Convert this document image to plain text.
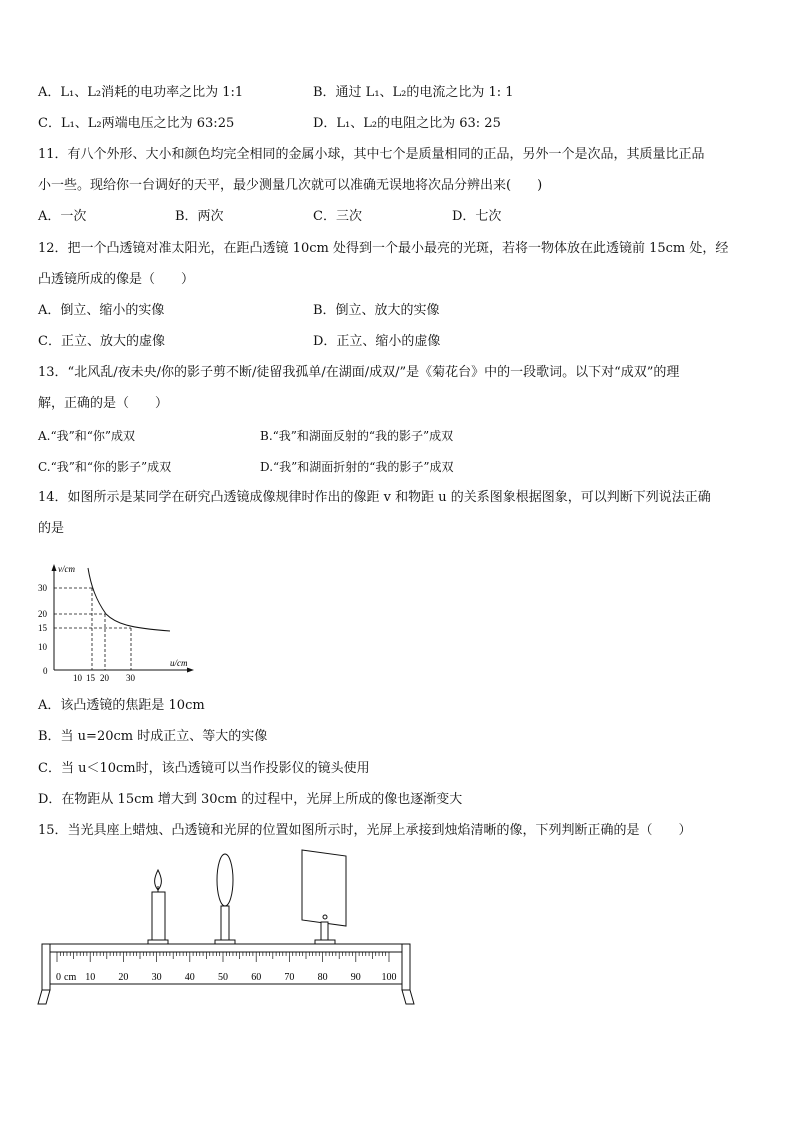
A．L₁、L₂消耗的电功率之比为 1:1	B．通过 L₁、L₂的电流之比为 1: 1
C．L₁、L₂两端电压之比为 63:25	D．L₁、L₂的电阻之比为 63: 25
11．有八个外形、大小和颜色均完全相同的金属小球，其中七个是质量相同的正品，另外一个是次品，其质量比正品
小一些。现给你一台调好的天平，最少测量几次就可以准确无误地将次品分辨出来(　　)
A．一次	B．两次	C．三次	D．七次
12．把一个凸透镜对准太阳光，在距凸透镜 10cm 处得到一个最小最亮的光斑，若将一物体放在此透镜前 15cm 处，经
凸透镜所成的像是（　　）
A．倒立、缩小的实像	B．倒立、放大的实像
C．正立、放大的虚像	D．正立、缩小的虚像
13．“北风乱/夜未央/你的影子剪不断/徒留我孤单/在湖面/成双/”是《菊花台》中的一段歌词。以下对“成双”的理
解，正确的是（　　）
A.“我”和“你”成双	B.“我”和湖面反射的“我的影子”成双
C.“我”和“你的影子”成双	D.“我”和湖面折射的“我的影子”成双
14．如图所示是某同学在研究凸透镜成像规律时作出的像距 v 和物距 u 的关系图象根据图象，可以判断下列说法正确
的是
v/cm
u/cm
30
20
15
10
0
10 15 20 30
A．该凸透镜的焦距是 10cm
B．当 u=20cm 时成正立、等大的实像
C．当 u＜10cm时，该凸透镜可以当作投影仪的镜头使用
D．在物距从 15cm 增大到 30cm 的过程中，光屏上所成的像也逐渐变大
15．当光具座上蜡烛、凸透镜和光屏的位置如图所示时，光屏上承接到烛焰清晰的像，下列判断正确的是（　　）
0 cm 10 20 30 40 50 60 70 80 90 100
